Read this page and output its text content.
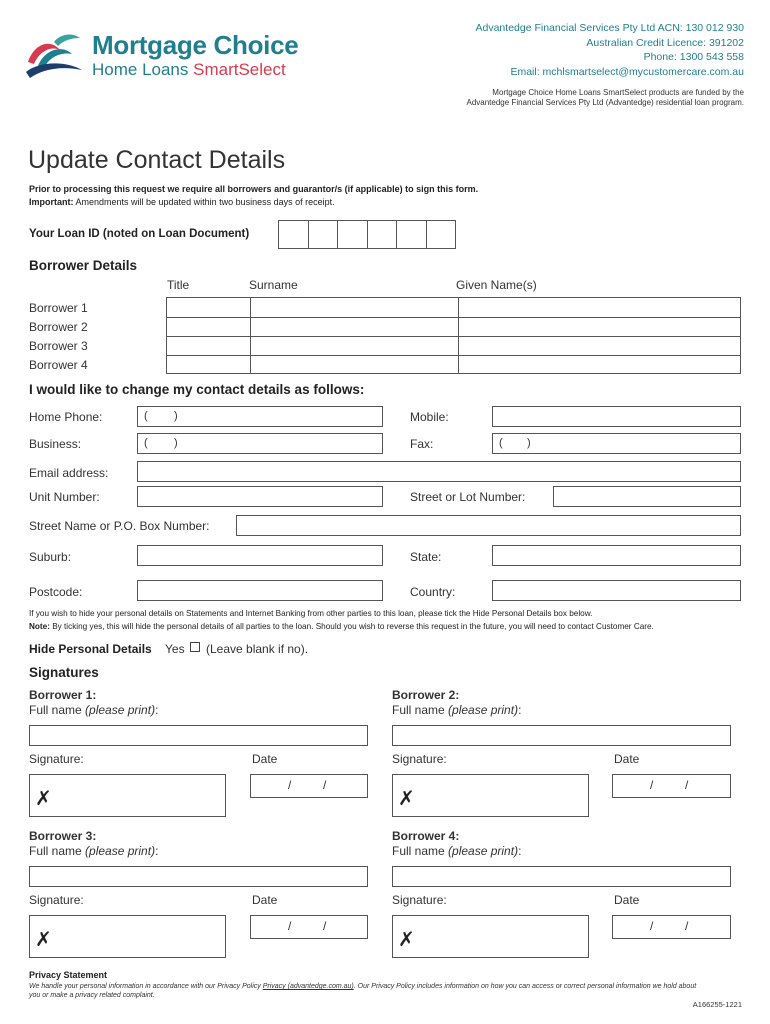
Mortgage Choice
Home Loans SmartSelect
Advantedge Financial Services Pty Ltd ACN: 130 012 930
Australian Credit Licence: 391202
Phone: 1300 543 558
Email: mchlsmartselect@mycustomercare.com.au
Mortgage Choice Home Loans SmartSelect products are funded by the
Advantedge Financial Services Pty Ltd (Advantedge) residential loan program.
Update Contact Details
Prior to processing this request we require all borrowers and guarantor/s (if applicable) to sign this form.
Important: Amendments will be updated within two business days of receipt.
Your Loan ID (noted on Loan Document)
Borrower Details
Title	Surname	Given Name(s)
Borrower 1
Borrower 2
Borrower 3
Borrower 4
I would like to change my contact details as follows:
Home Phone:	( )	Mobile:
Business:	( )	Fax:	( )
Email address:
Unit Number:	Street or Lot Number:
Street Name or P.O. Box Number:
Suburb:	State:
Postcode:	Country:
If you wish to hide your personal details on Statements and Internet Banking from other parties to this loan, please tick the Hide Personal Details box below.
Note: By ticking yes, this will hide the personal details of all parties to the loan. Should you wish to reverse this request in the future, you will need to contact Customer Care.
Hide Personal Details Yes (Leave blank if no).
Signatures
Borrower 1:
Full name (please print):
Signature:	Date
✗
/	/
Borrower 2:
Full name (please print):
Signature:	Date
✗
/	/
Borrower 3:
Full name (please print):
Signature:	Date
✗
/	/
Borrower 4:
Full name (please print):
Signature:	Date
✗
/	/
Privacy Statement
We handle your personal information in accordance with our Privacy Policy Privacy (advantedge.com.au). Our Privacy Policy includes information on how you can access or correct personal information we hold about
you or make a privacy related complaint.
A166255-1221
